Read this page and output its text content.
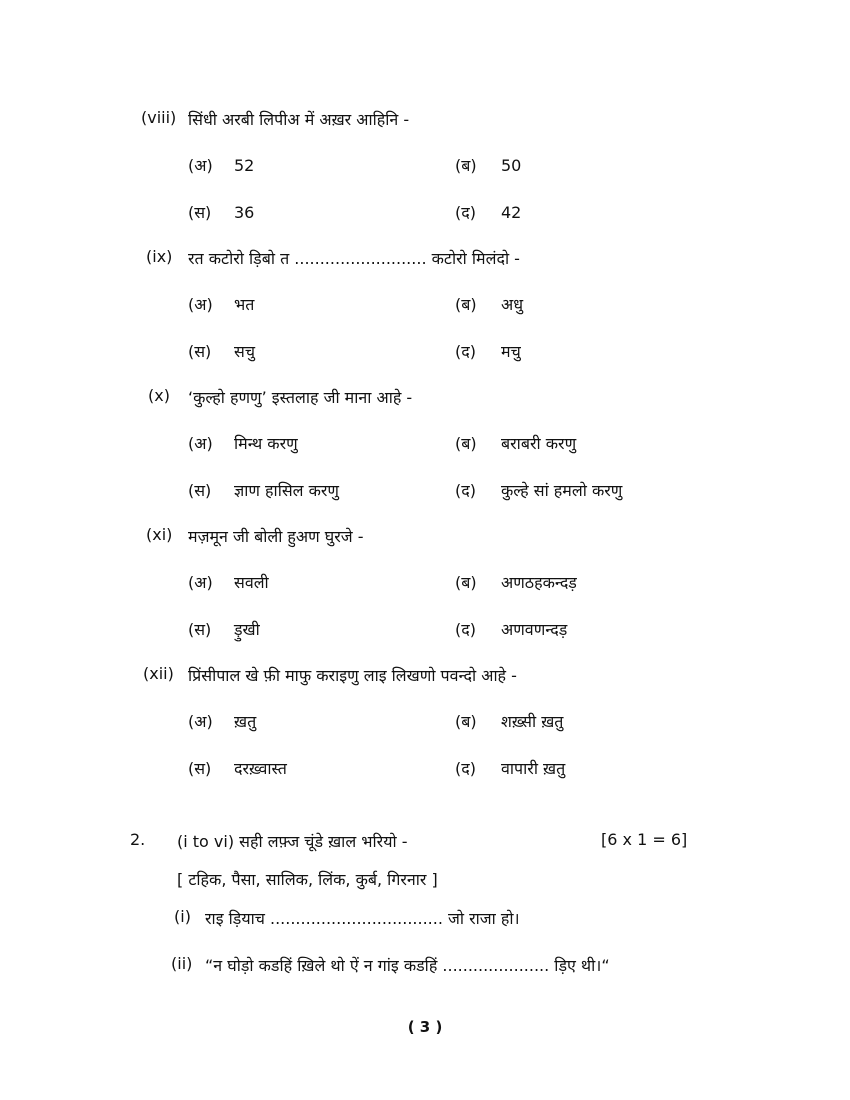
(viii) सिंधी अरबी लिपीअ में अख़र आहिनि -
(अ) 52	(ब) 50
(स) 36	(द) 42
(ix) रत कटोरो ड़िबो त .......................... कटोरो मिलंदो -
(अ) भत	(ब) अधु
(स) सचु	(द) मचु
(x) ‘कुल्हो हणणु’ इस्तलाह जी माना आहे -
(अ) मिन्थ करणु	(ब) बराबरी करणु
(स) ज्ञाण हासिल करणु	(द) कुल्हे सां हमलो करणु
(xi) मज़मून जी बोली हुअण घुरजे -
(अ) सवली	(ब) अणठहकन्दड़
(स) ड़ुखी	(द) अणवणन्दड़
(xii) प्रिंसीपाल खे फ़ी माफु कराइणु लाइ लिखणो पवन्दो आहे -
(अ) ख़तु	(ब) शख़्सी ख़तु
(स) दरख़्वास्त	(द) वापारी ख़तु
2. (i to vi) सही लफ़्ज चूंडे ख़ाल भरियो -	[6 x 1 = 6]
[ टहिक, पैसा, सालिक, लिंक, कुर्ब, गिरनार ]
(i) राइ ड़ियाच .................................. जो राजा हो।
(ii) “न घोड़ो कडहिं ख़िले थो ऐं न गांइ कडहिं ..................... ड़िए थी।“
( 3 )
